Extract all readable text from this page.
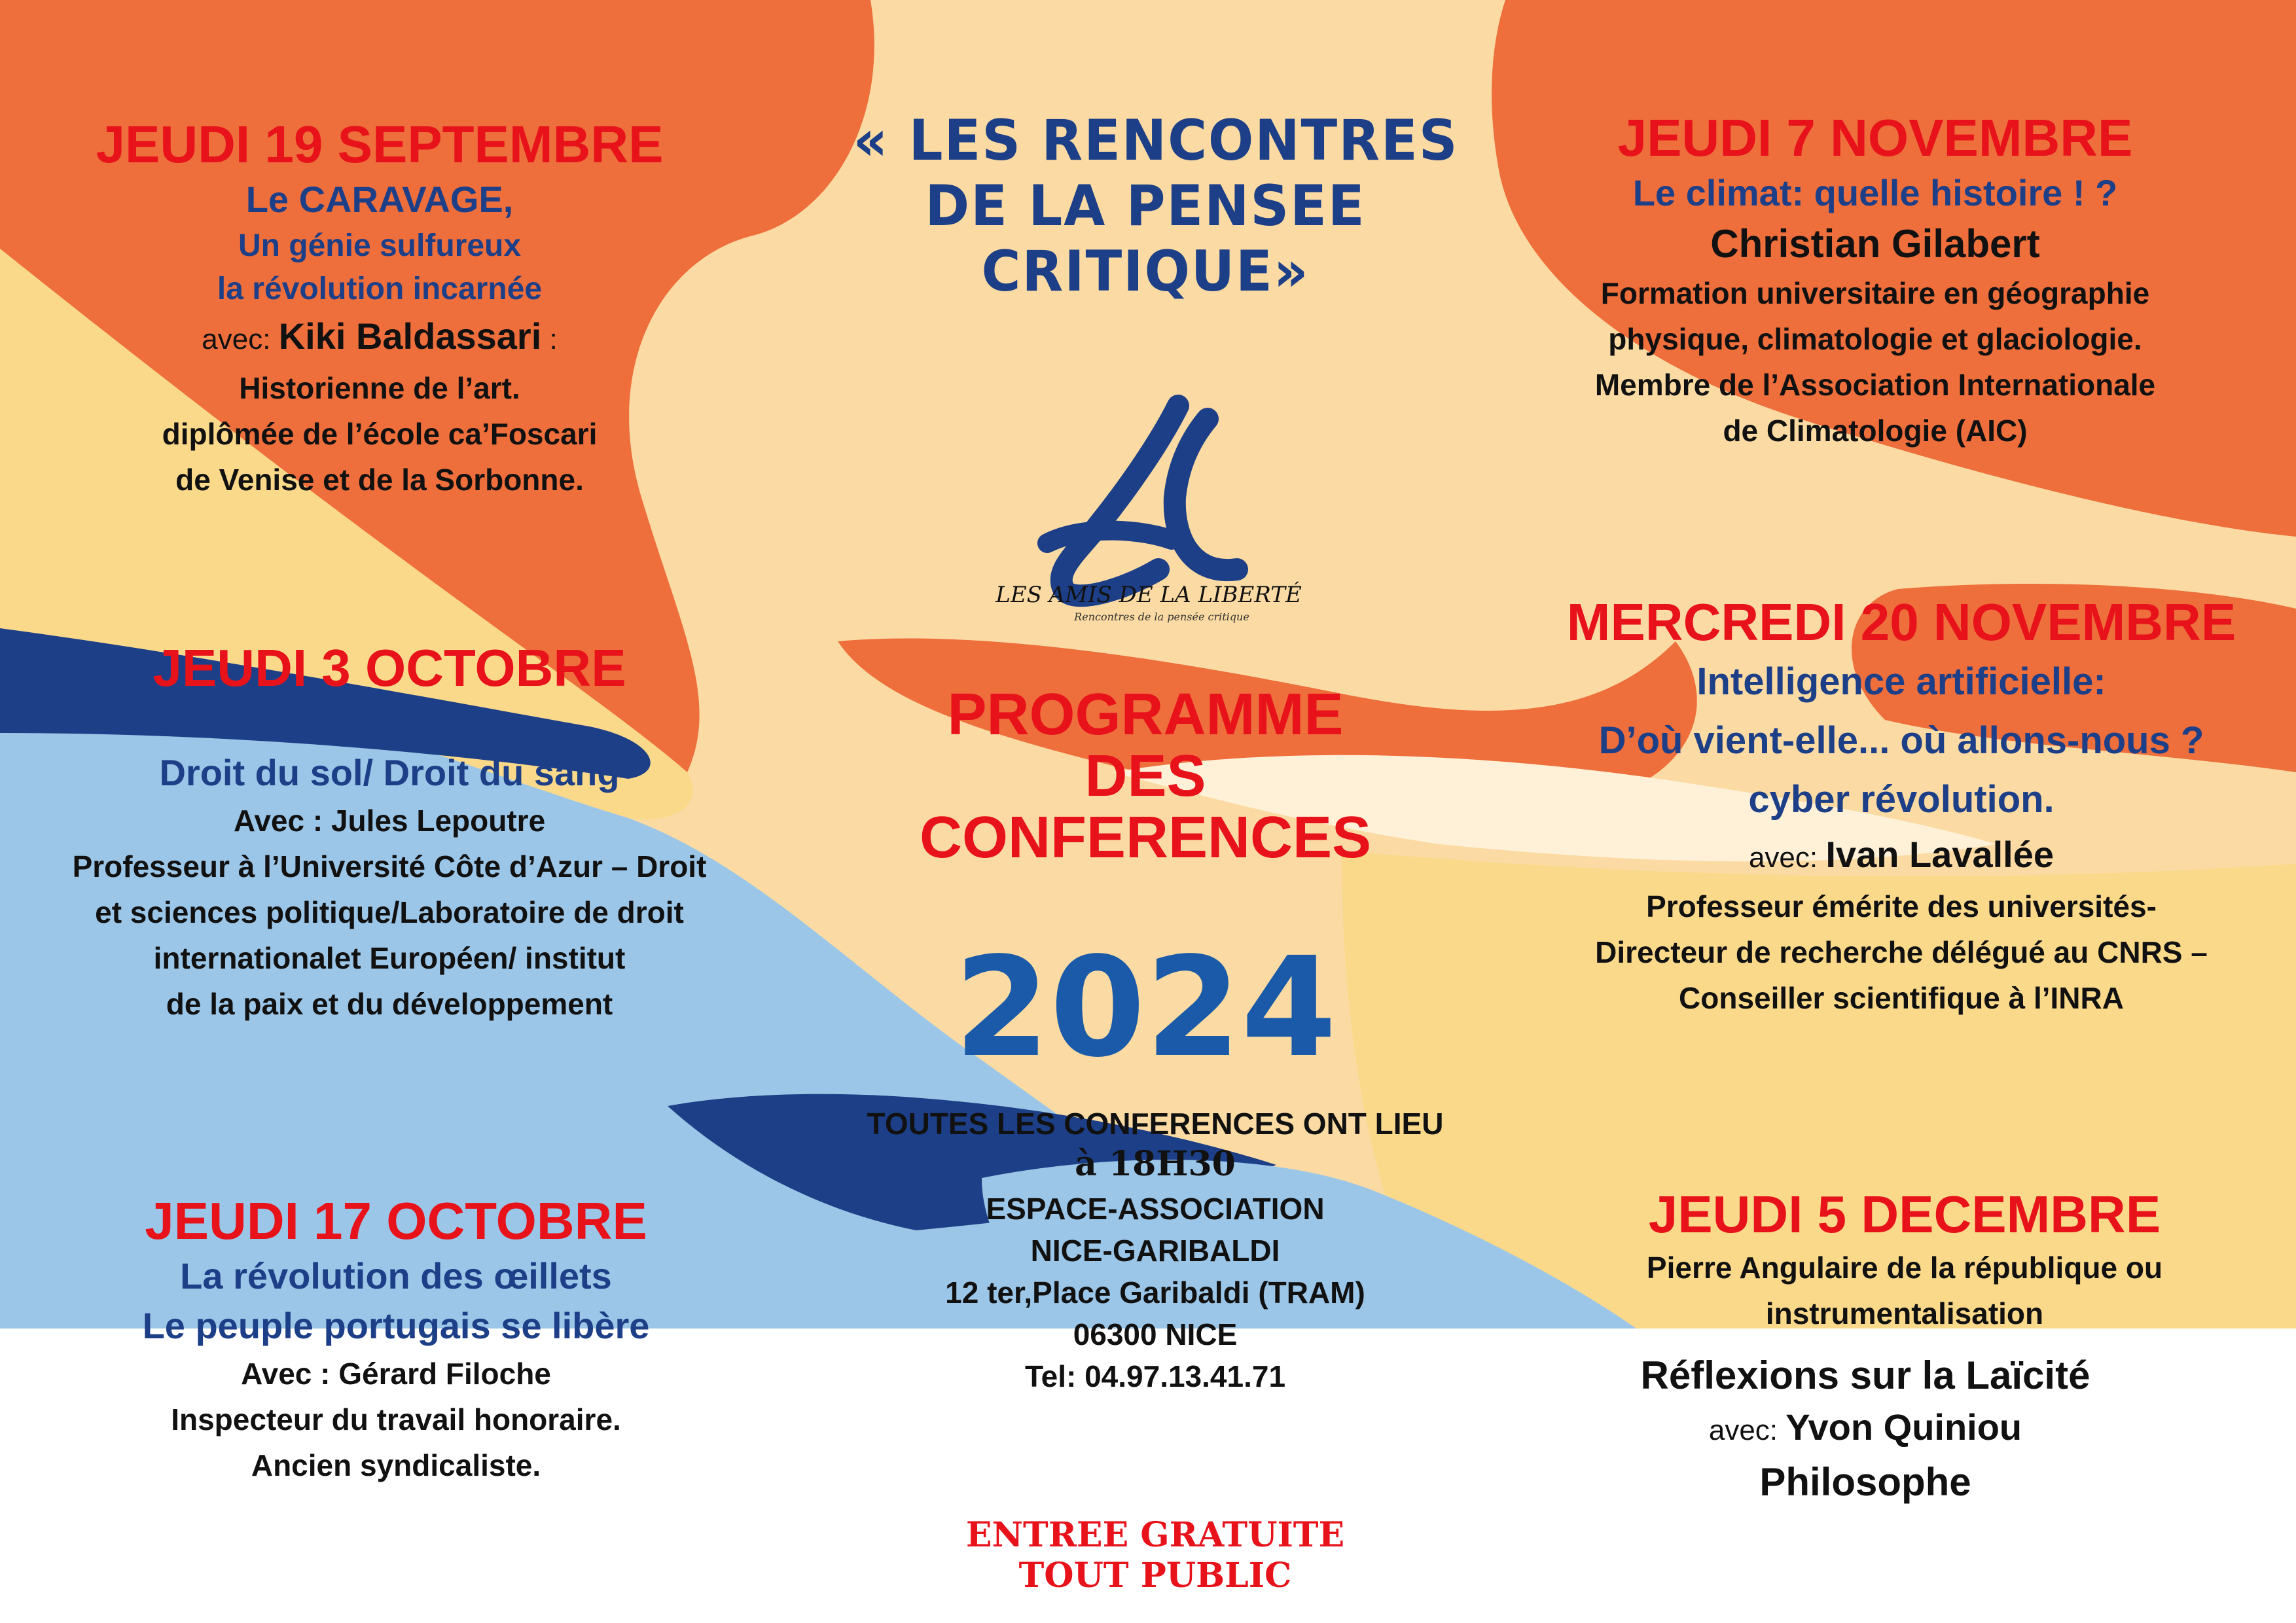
JEUDI 19 SEPTEMBRE
Le CARAVAGE,
Un génie sulfureux
la révolution incarnée
avec: Kiki Baldassari :
Historienne de l’art.
diplômée de l’école ca’Foscari
de Venise et de la Sorbonne.
JEUDI 3 OCTOBRE
La République :
Droit du sol/ Droit du sang
Avec : Jules Lepoutre
Professeur à l’Université Côte d’Azur – Droit
et sciences politique/Laboratoire de droit
internationalet Européen/ institut
de la paix et du développement
JEUDI 17 OCTOBRE
La révolution des œillets
Le peuple portugais se libère
Avec : Gérard Filoche
Inspecteur du travail honoraire.
Ancien syndicaliste.
« LES RENCONTRES
DE LA PENSEE
CRITIQUE»
LES AMIS DE LA LIBERTÉ
Rencontres de la pensée critique
PROGRAMME
DES
CONFERENCES
2024
TOUTES LES CONFERENCES ONT LIEU
à 18H30
ESPACE-ASSOCIATION
NICE-GARIBALDI
12 ter,Place Garibaldi (TRAM)
06300 NICE
Tel: 04.97.13.41.71
ENTREE GRATUITE
TOUT PUBLIC
JEUDI 7 NOVEMBRE
Le climat: quelle histoire ! ?
Christian Gilabert
Formation universitaire en géographie
physique, climatologie et glaciologie.
Membre de l’Association Internationale
de Climatologie (AIC)
MERCREDI 20 NOVEMBRE
Intelligence artificielle:
D’où vient-elle... où allons-nous ?
cyber révolution.
avec: Ivan Lavallée
Professeur émérite des universités-
Directeur de recherche délégué au CNRS –
Conseiller scientifique à l’INRA
JEUDI 5 DECEMBRE
Pierre Angulaire de la république ou
instrumentalisation
Réflexions sur la Laïcité
avec: Yvon Quiniou
Philosophe
